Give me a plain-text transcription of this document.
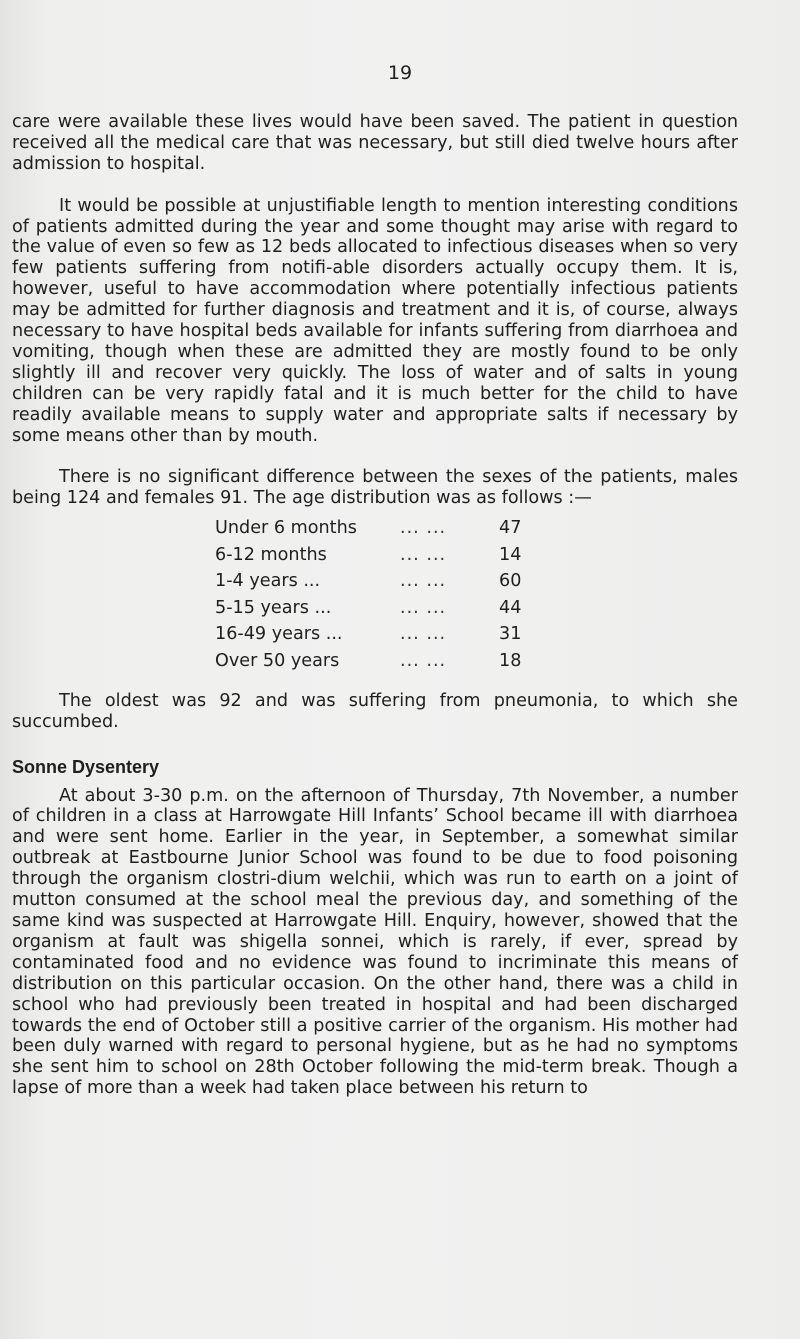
19

care were available these lives would have been saved. The patient in question received all the medical care that was necessary, but still died twelve hours after admission to hospital.

It would be possible at unjustifiable length to mention interesting conditions of patients admitted during the year and some thought may arise with regard to the value of even so few as 12 beds allocated to infectious diseases when so very few patients suffering from notifi-able disorders actually occupy them. It is, however, useful to have accommodation where potentially infectious patients may be admitted for further diagnosis and treatment and it is, of course, always necessary to have hospital beds available for infants suffering from diarrhoea and vomiting, though when these are admitted they are mostly found to be only slightly ill and recover very quickly. The loss of water and of salts in young children can be very rapidly fatal and it is much better for the child to have readily available means to supply water and appropriate salts if necessary by some means other than by mouth.

There is no significant difference between the sexes of the patients, males being 124 and females 91. The age distribution was as follows :—

Under 6 months	... ...	47
6-12 months	... ...	14
1-4 years ...	... ...	60
5-15 years ...	... ...	44
16-49 years ...	... ...	31
Over 50 years	... ...	18

The oldest was 92 and was suffering from pneumonia, to which she succumbed.

Sonne Dysentery

At about 3-30 p.m. on the afternoon of Thursday, 7th November, a number of children in a class at Harrowgate Hill Infants’ School became ill with diarrhoea and were sent home. Earlier in the year, in September, a somewhat similar outbreak at Eastbourne Junior School was found to be due to food poisoning through the organism clostri-dium welchii, which was run to earth on a joint of mutton consumed at the school meal the previous day, and something of the same kind was suspected at Harrowgate Hill. Enquiry, however, showed that the organism at fault was shigella sonnei, which is rarely, if ever, spread by contaminated food and no evidence was found to incriminate this means of distribution on this particular occasion. On the other hand, there was a child in school who had previously been treated in hospital and had been discharged towards the end of October still a positive carrier of the organism. His mother had been duly warned with regard to personal hygiene, but as he had no symptoms she sent him to school on 28th October following the mid-term break. Though a lapse of more than a week had taken place between his return to
